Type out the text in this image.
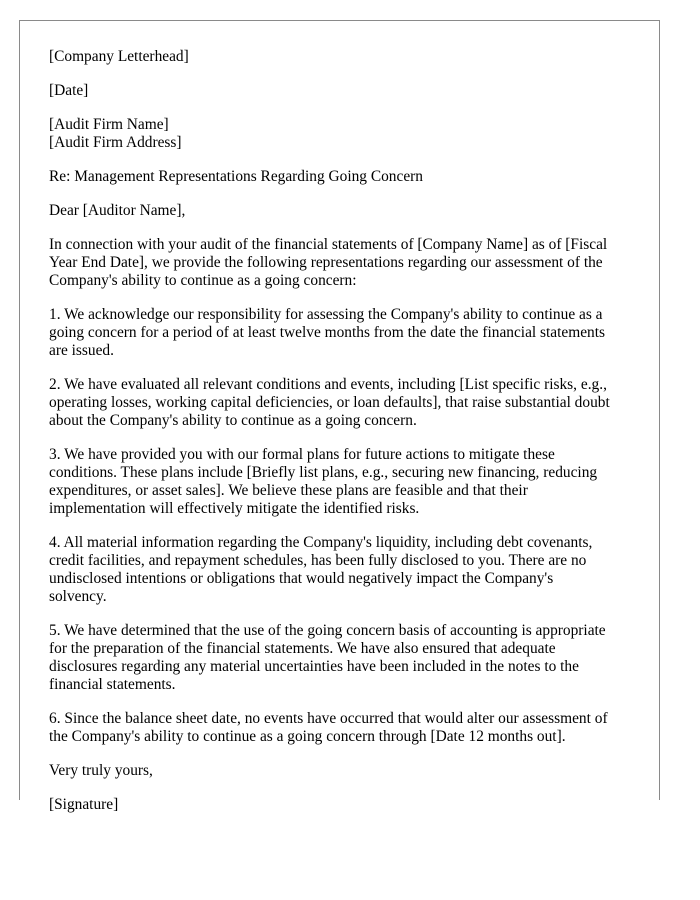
[Company Letterhead]
[Date]
[Audit Firm Name]
[Audit Firm Address]
Re: Management Representations Regarding Going Concern
Dear [Auditor Name],
In connection with your audit of the financial statements of [Company Name] as of [Fiscal
Year End Date], we provide the following representations regarding our assessment of the
Company's ability to continue as a going concern:
1. We acknowledge our responsibility for assessing the Company's ability to continue as a
going concern for a period of at least twelve months from the date the financial statements
are issued.
2. We have evaluated all relevant conditions and events, including [List specific risks, e.g.,
operating losses, working capital deficiencies, or loan defaults], that raise substantial doubt
about the Company's ability to continue as a going concern.
3. We have provided you with our formal plans for future actions to mitigate these
conditions. These plans include [Briefly list plans, e.g., securing new financing, reducing
expenditures, or asset sales]. We believe these plans are feasible and that their
implementation will effectively mitigate the identified risks.
4. All material information regarding the Company's liquidity, including debt covenants,
credit facilities, and repayment schedules, has been fully disclosed to you. There are no
undisclosed intentions or obligations that would negatively impact the Company's
solvency.
5. We have determined that the use of the going concern basis of accounting is appropriate
for the preparation of the financial statements. We have also ensured that adequate
disclosures regarding any material uncertainties have been included in the notes to the
financial statements.
6. Since the balance sheet date, no events have occurred that would alter our assessment of
the Company's ability to continue as a going concern through [Date 12 months out].
Very truly yours,
[Signature]
